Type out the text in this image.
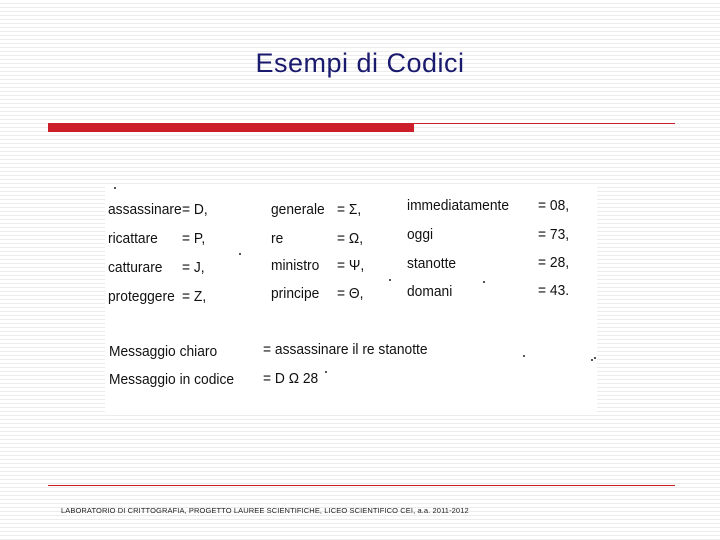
Esempi di Codici
assassinare = D,	generale = Σ,	immediatamente = 08,
ricattare = P,	re	= Ω,	oggi	= 73,
catturare = J,	ministro = Ψ,	stanotte	= 28,
proteggere = Z,	principe = Θ,	domani	= 43.
Messaggio chiaro	= assassinare il re stanotte
Messaggio in codice = D Ω 28
LABORATORIO DI CRITTOGRAFIA, PROGETTO LAUREE SCIENTIFICHE, LICEO SCIENTIFICO CEI, a.a. 2011-2012
